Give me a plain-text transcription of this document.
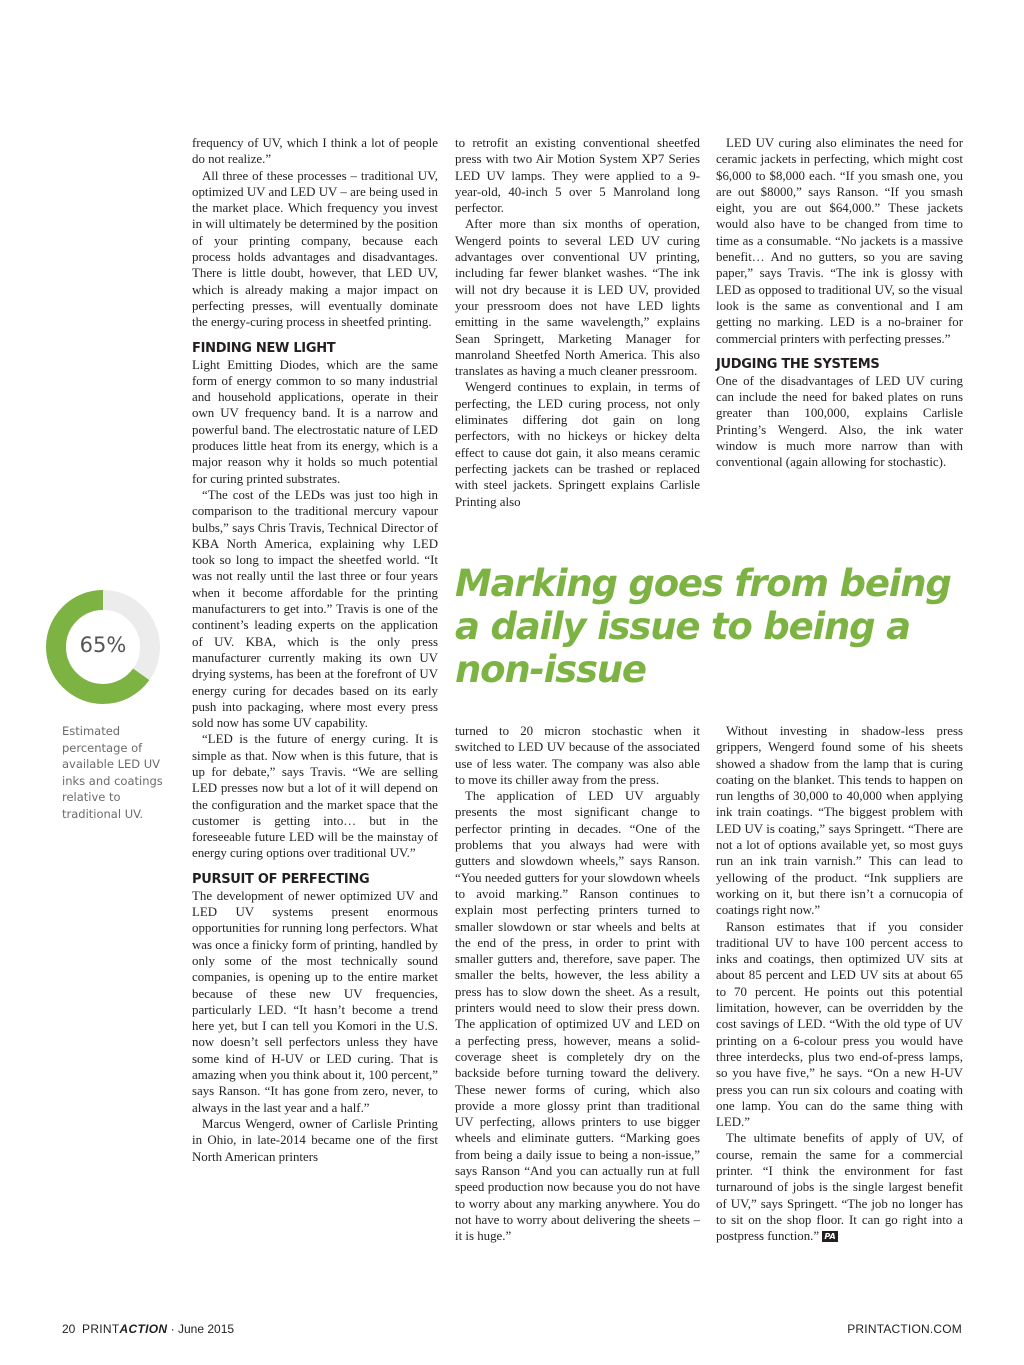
frequency of UV, which I think a lot of people do not realize.”

All three of these processes – traditional UV, optimized UV and LED UV – are being used in the market place. Which frequency you invest in will ultimately be determined by the position of your printing company, because each process holds advantages and disadvantages. There is little doubt, however, that LED UV, which is already making a major impact on perfecting presses, will eventually dominate the energy-curing process in sheetfed printing.

FINDING NEW LIGHT

Light Emitting Diodes, which are the same form of energy common to so many industrial and household applications, operate in their own UV frequency band. It is a narrow and powerful band. The electrostatic nature of LED produces little heat from its energy, which is a major reason why it holds so much potential for curing printed substrates.

“The cost of the LEDs was just too high in comparison to the traditional mercury vapour bulbs,” says Chris Travis, Technical Director of KBA North America, explaining why LED took so long to impact the sheetfed world. “It was not really until the last three or four years when it become affordable for the printing manufacturers to get into.” Travis is one of the continent’s leading experts on the application of UV. KBA, which is the only press manufacturer currently making its own UV drying systems, has been at the forefront of UV energy curing for decades based on its early push into packaging, where most every press sold now has some UV capability.

“LED is the future of energy curing. It is simple as that. Now when is this future, that is up for debate,” says Travis. “We are selling LED presses now but a lot of it will depend on the configuration and the market space that the customer is getting into… but in the foreseeable future LED will be the mainstay of energy curing options over traditional UV.”

PURSUIT OF PERFECTING

The development of newer optimized UV and LED UV systems present enormous opportunities for running long perfectors. What was once a finicky form of printing, handled by only some of the most technically sound companies, is opening up to the entire market because of these new UV frequencies, particularly LED. “It hasn’t become a trend here yet, but I can tell you Komori in the U.S. now doesn’t sell perfectors unless they have some kind of H-UV or LED curing. That is amazing when you think about it, 100 percent,” says Ranson. “It has gone from zero, never, to always in the last year and a half.”

Marcus Wengerd, owner of Carlisle Printing in Ohio, in late-2014 became one of the first North American printers

to retrofit an existing conventional sheetfed press with two Air Motion System XP7 Series LED UV lamps. They were applied to a 9-year-old, 40-inch 5 over 5 Manroland long perfector.

After more than six months of operation, Wengerd points to several LED UV curing advantages over conventional UV printing, including far fewer blanket washes. “The ink will not dry because it is LED UV, provided your pressroom does not have LED lights emitting in the same wavelength,” explains Sean Springett, Marketing Manager for manroland Sheetfed North America. This also translates as having a much cleaner pressroom.

Wengerd continues to explain, in terms of perfecting, the LED curing process, not only eliminates differing dot gain on long perfectors, with no hickeys or hickey delta effect to cause dot gain, it also means ceramic perfecting jackets can be trashed or replaced with steel jackets. Springett explains Carlisle Printing also

LED UV curing also eliminates the need for ceramic jackets in perfecting, which might cost $6,000 to $8,000 each. “If you smash one, you are out $8000,” says Ranson. “If you smash eight, you are out $64,000.” These jackets would also have to be changed from time to time as a consumable. “No jackets is a massive benefit… And no gutters, so you are saving paper,” says Travis. “The ink is glossy with LED as opposed to traditional UV, so the visual look is the same as conventional and I am getting no marking. LED is a no-brainer for commercial printers with perfecting presses.”

JUDGING THE SYSTEMS

One of the disadvantages of LED UV curing can include the need for baked plates on runs greater than 100,000, explains Carlisle Printing’s Wengerd. Also, the ink water window is much more narrow than with conventional (again allowing for stochastic).

Marking goes from being a daily issue to being a non-issue

turned to 20 micron stochastic when it switched to LED UV because of the associated use of less water. The company was also able to move its chiller away from the press.

The application of LED UV arguably presents the most significant change to perfector printing in decades. “One of the problems that you always had were with gutters and slowdown wheels,” says Ranson. “You needed gutters for your slowdown wheels to avoid marking.” Ranson continues to explain most perfecting printers turned to smaller slowdown or star wheels and belts at the end of the press, in order to print with smaller gutters and, therefore, save paper. The smaller the belts, however, the less ability a press has to slow down the sheet. As a result, printers would need to slow their press down. The application of optimized UV and LED on a perfecting press, however, means a solid-coverage sheet is completely dry on the backside before turning toward the delivery. These newer forms of curing, which also provide a more glossy print than traditional UV perfecting, allows printers to use bigger wheels and eliminate gutters. “Marking goes from being a daily issue to being a non-issue,” says Ranson “And you can actually run at full speed production now because you do not have to worry about any marking anywhere. You do not have to worry about delivering the sheets – it is huge.”

Without investing in shadow-less press grippers, Wengerd found some of his sheets showed a shadow from the lamp that is curing coating on the blanket. This tends to happen on run lengths of 30,000 to 40,000 when applying ink train coatings. “The biggest problem with LED UV is coating,” says Springett. “There are not a lot of options available yet, so most guys run an ink train varnish.” This can lead to yellowing of the product. “Ink suppliers are working on it, but there isn’t a cornucopia of coatings right now.”

Ranson estimates that if you consider traditional UV to have 100 percent access to inks and coatings, then optimized UV sits at about 85 percent and LED UV sits at about 65 to 70 percent. He points out this potential limitation, however, can be overridden by the cost savings of LED. “With the old type of UV printing on a 6-colour press you would have three interdecks, plus two end-of-press lamps, so you have five,” he says. “On a new H-UV press you can run six colours and coating with one lamp. You can do the same thing with LED.”

The ultimate benefits of apply of UV, of course, remain the same for a commercial printer. “I think the environment for fast turnaround of jobs is the single largest benefit of UV,” says Springett. “The job no longer has to sit on the shop floor. It can go right into a postpress function.” PA

65%
Estimated percentage of available LED UV inks and coatings relative to traditional UV.
20 PRINTACTION · June 2015	PRINTACTION.COM
